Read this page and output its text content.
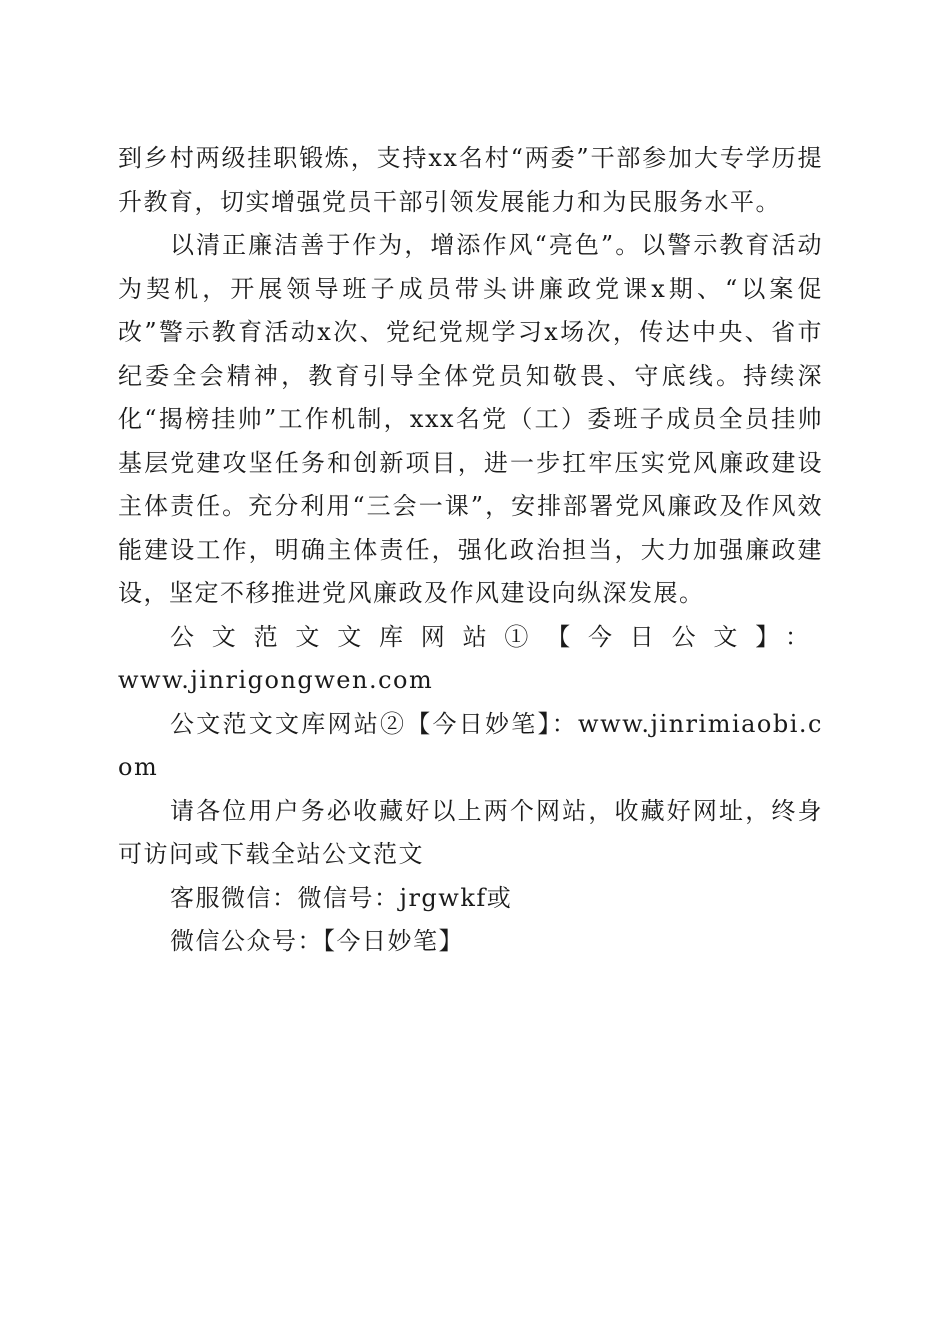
到乡村两级挂职锻炼，支持xx名村“两委”干部参加大专学历提升教育，切实增强党员干部引领发展能力和为民服务水平。

以清正廉洁善于作为，增添作风“亮色”。以警示教育活动为契机，开展领导班子成员带头讲廉政党课x期、“以案促改”警示教育活动x次、党纪党规学习x场次，传达中央、省市纪委全会精神，教育引导全体党员知敬畏、守底线。持续深化“揭榜挂帅”工作机制，xxx名党（工）委班子成员全员挂帅基层党建攻坚任务和创新项目，进一步扛牢压实党风廉政建设主体责任。充分利用“三会一课”，安排部署党风廉政及作风效能建设工作，明确主体责任，强化政治担当，大力加强廉政建设，坚定不移推进党风廉政及作风建设向纵深发展。

公文范文文库网站①【今日公文】：

www.jinrigongwen.com

公文范文文库网站②【今日妙笔】：www.jinrimiaobi.com

请各位用户务必收藏好以上两个网站，收藏好网址，终身可访问或下载全站公文范文

客服微信：微信号：jrgwkf或

微信公众号：【今日妙笔】
